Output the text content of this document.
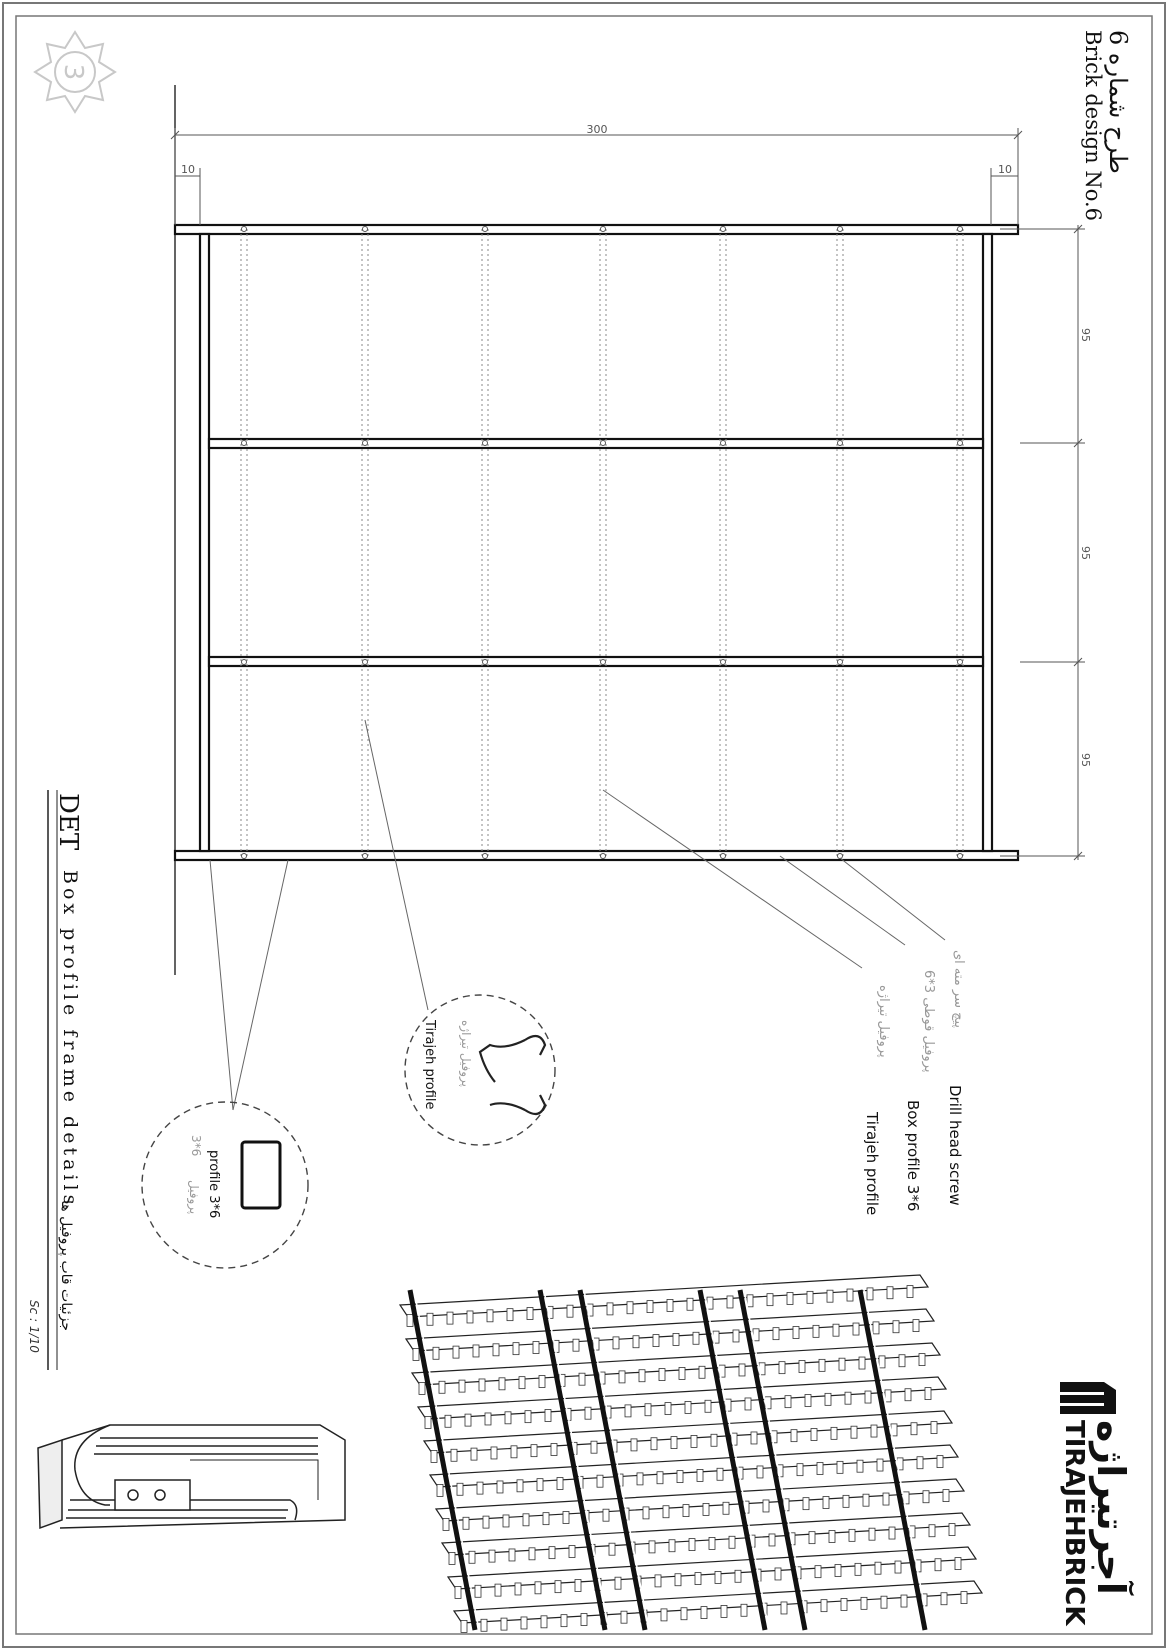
3
طرح شماره 6
Brick design No.6
300
10	10
95
95
95
پیچ سر مته ای
Drill head screw
پروفیل قوطی 3*6
Box profile 3*6
پروفیل تیراژه
Tirajeh profile
DET
Box profile frame details
جزئیات قاب پروفیل ها
Sc : 1/10
پروفیل تیراژه
Tirajeh profile
profile 3*6
پروفیل
3*6
آجرتیراژه
TIRAJEHBRICK
